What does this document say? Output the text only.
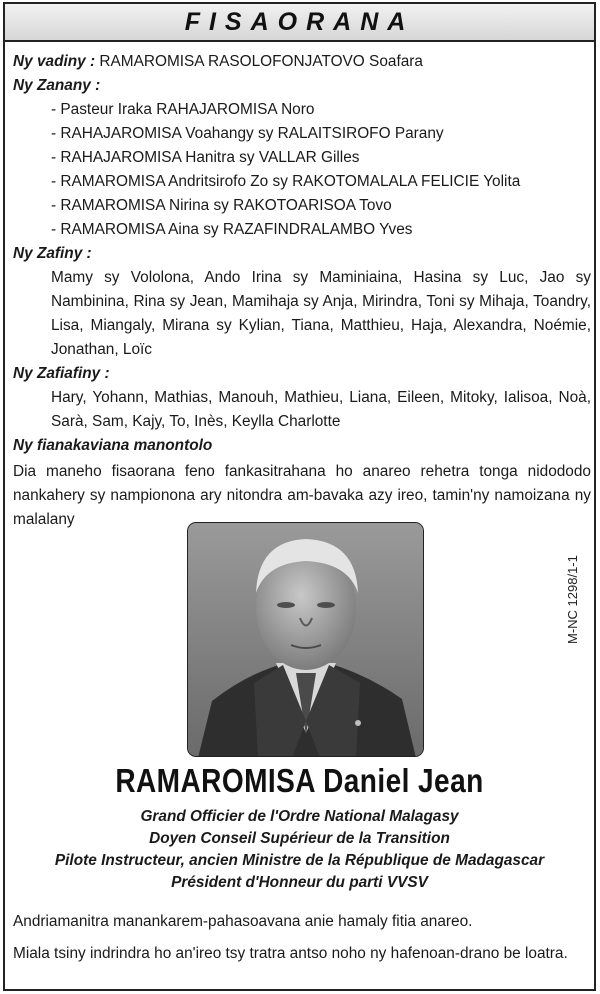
FISAORANA
Ny vadiny : RAMAROMISA RASOLOFONJATOVO Soafara
Ny Zanany :
- Pasteur Iraka RAHAJAROMISA Noro
- RAHAJAROMISA Voahangy sy RALAITSIROFO Parany
- RAHAJAROMISA Hanitra sy VALLAR Gilles
- RAMAROMISA Andritsirofo Zo sy RAKOTOMALALA FELICIE Yolita
- RAMAROMISA Nirina sy RAKOTOARISOA Tovo
- RAMAROMISA Aina sy RAZAFINDRALAMBO Yves
Ny Zafiny :
Mamy sy Vololona, Ando Irina sy Maminiaina, Hasina sy Luc, Jao sy Nambinina, Rina sy Jean, Mamihaja sy Anja, Mirindra, Toni sy Mihaja, Toandry, Lisa, Miangaly, Mirana sy Kylian, Tiana, Matthieu, Haja, Alexandra, Noémie, Jonathan, Loïc
Ny Zafiafiny :
Hary, Yohann, Mathias, Manouh, Mathieu, Liana, Eileen, Mitoky, Ialisoa, Noà, Sarà, Sam, Kajy, To, Inès, Keylla Charlotte
Ny fianakaviana manontolo
Dia maneho fisaorana feno fankasitrahana ho anareo rehetra tonga nidododo nankahery sy nampionona ary nitondra am-bavaka azy ireo, tamin'ny namoizana ny malalany
M-NC 1298/1-1
RAMAROMISA Daniel Jean
Grand Officier de l'Ordre National Malagasy
Doyen Conseil Supérieur de la Transition
Pilote Instructeur, ancien Ministre de la République de Madagascar
Président d'Honneur du parti VVSV

Andriamanitra manankarem-pahasoavana anie hamaly fitia anareo.

Miala tsiny indrindra ho an'ireo tsy tratra antso noho ny hafenoan-drano be loatra.
